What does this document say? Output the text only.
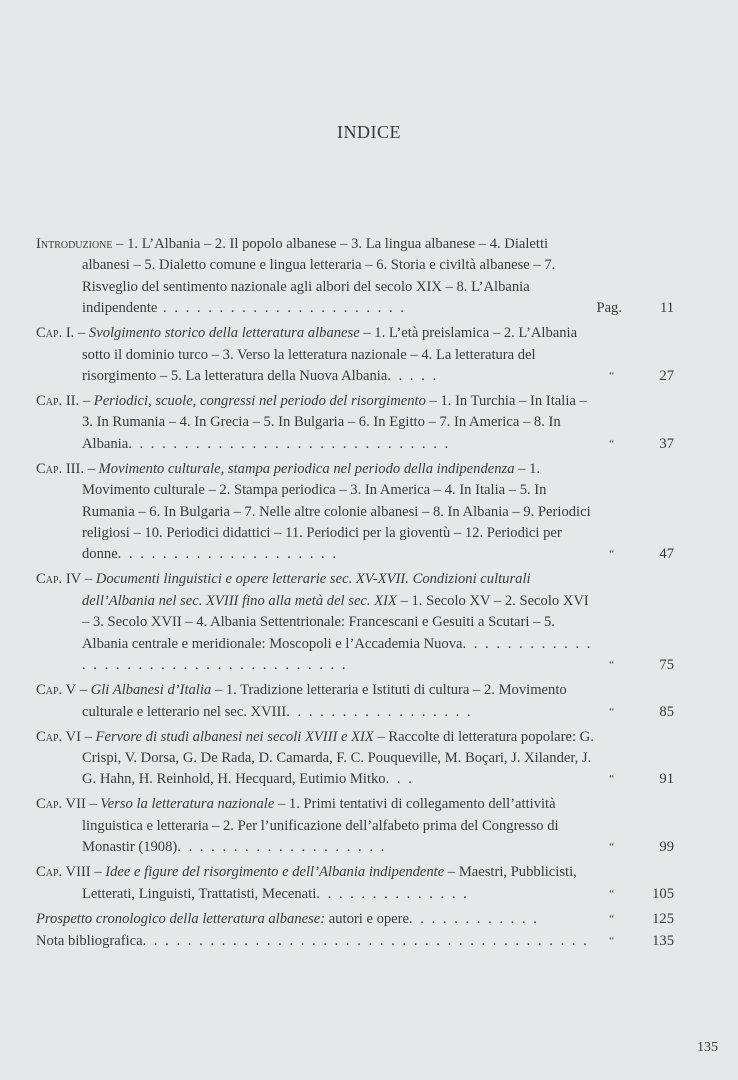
INDICE
Introduzione – 1. L’Albania – 2. Il popolo albanese – 3. La lingua albanese – 4. Dialetti albanesi – 5. Dialetto comune e lingua letteraria – 6. Storia e civiltà albanese – 7. Risveglio del sentimento nazionale agli albori del secolo XIX – 8. L’Albania indipendente . . . . . . . . . . . . . . . . . . . . . .	Pag.	11
Cap. I. – Svolgimento storico della letteratura albanese – 1. L’età preislamica – 2. L’Albania sotto il dominio turco – 3. Verso la letteratura nazionale – 4. La letteratura del risorgimento – 5. La letteratura della Nuova Albania. . . . .	“	27
Cap. II. – Periodici, scuole, congressi nel periodo del risorgimento – 1. In Turchia – In Italia – 3. In Rumania – 4. In Grecia – 5. In Bulgaria – 6. In Egitto – 7. In America – 8. In Albania. . . . . . . . . . . . . . . . . . . . . . . . . . . . .	“	37
Cap. III. – Movimento culturale, stampa periodica nel periodo della indipendenza – 1. Movimento culturale – 2. Stampa periodica – 3. In America – 4. In Italia – 5. In Rumania – 6. In Bulgaria – 7. Nelle altre colonie albanesi – 8. In Albania – 9. Periodici religiosi – 10. Periodici didattici – 11. Periodici per la gioventù – 12. Periodici per donne. . . . . . . . . . . . . . . . . . . .	“	47
Cap. IV – Documenti linguistici e opere letterarie sec. XV-XVII. Condizioni culturali dell’Albania nel sec. XVIII fino alla metà del sec. XIX – 1. Secolo XV – 2. Secolo XVI – 3. Secolo XVII – 4. Albania Settentrionale: Francescani e Gesuiti a Scutari – 5. Albania centrale e meridionale: Moscopoli e l’Accademia Nuova. . . . . . . . . . . . . . . . . . . . . . . . . . . . . . . . . . . .	“	75
Cap. V – Gli Albanesi d’Italia – 1. Tradizione letteraria e Istituti di cultura – 2. Movimento culturale e letterario nel sec. XVIII. . . . . . . . . . . . . . . . .	“	85
Cap. VI – Fervore di studi albanesi nei secoli XVIII e XIX – Raccolte di letteratura popolare: G. Crispi, V. Dorsa, G. De Rada, D. Camarda, F. C. Pouqueville, M. Boçari, J. Xilander, J. G. Hahn, H. Reinhold, H. Hecquard, Eutimio Mitko. . .	“	91
Cap. VII – Verso la letteratura nazionale – 1. Primi tentativi di collegamento dell’attività linguistica e letteraria – 2. Per l’unificazione dell’alfabeto prima del Congresso di Monastir (1908). . . . . . . . . . . . . . . . . . .	“	99
Cap. VIII – Idee e figure del risorgimento e dell’Albania indipendente – Maestri, Pubblicisti, Letterati, Linguisti, Trattatisti, Mecenati. . . . . . . . . . . . . .	“	105
Prospetto cronologico della letteratura albanese: autori e opere. . . . . . . . . . . .	“	125
Nota bibliografica. . . . . . . . . . . . . . . . . . . . . . . . . . . . . . . . . . . . . . . . “	135
135
